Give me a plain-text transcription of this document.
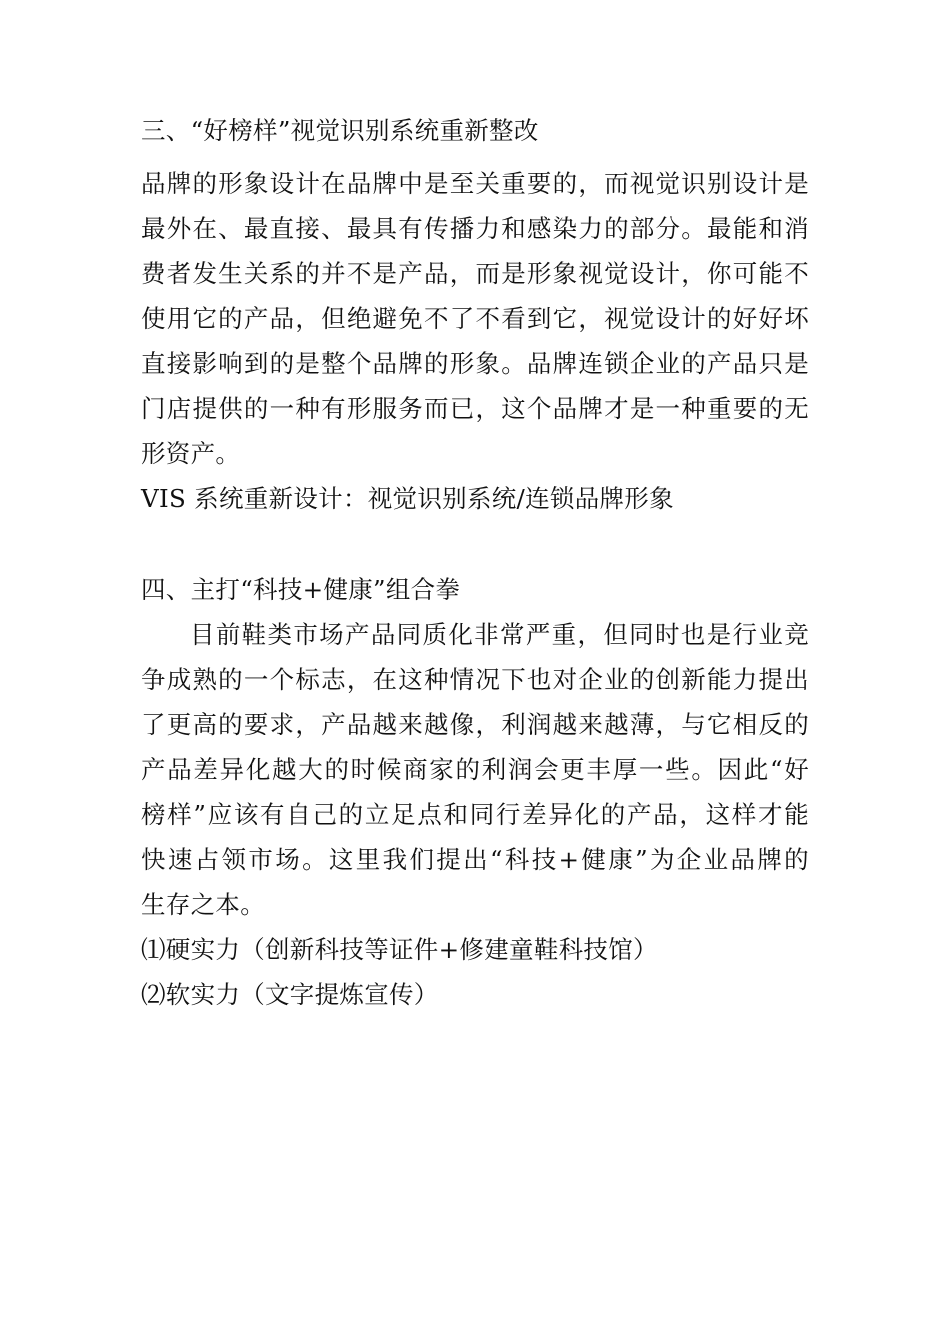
三、“好榜样”视觉识别系统重新整改
品牌的形象设计在品牌中是至关重要的，而视觉识别设计是
最外在、最直接、最具有传播力和感染力的部分。最能和消
费者发生关系的并不是产品，而是形象视觉设计，你可能不
使用它的产品，但绝避免不了不看到它，视觉设计的好好坏
直接影响到的是整个品牌的形象。品牌连锁企业的产品只是
门店提供的一种有形服务而已，这个品牌才是一种重要的无
形资产。
VIS 系统重新设计：视觉识别系统/连锁品牌形象
四、主打“科技+健康”组合拳
目前鞋类市场产品同质化非常严重，但同时也是行业竞
争成熟的一个标志，在这种情况下也对企业的创新能力提出
了更高的要求，产品越来越像，利润越来越薄，与它相反的
产品差异化越大的时候商家的利润会更丰厚一些。因此“好
榜样”应该有自己的立足点和同行差异化的产品，这样才能
快速占领市场。这里我们提出“科技+健康”为企业品牌的
生存之本。
⑴硬实力（创新科技等证件+修建童鞋科技馆）
⑵软实力（文字提炼宣传）
